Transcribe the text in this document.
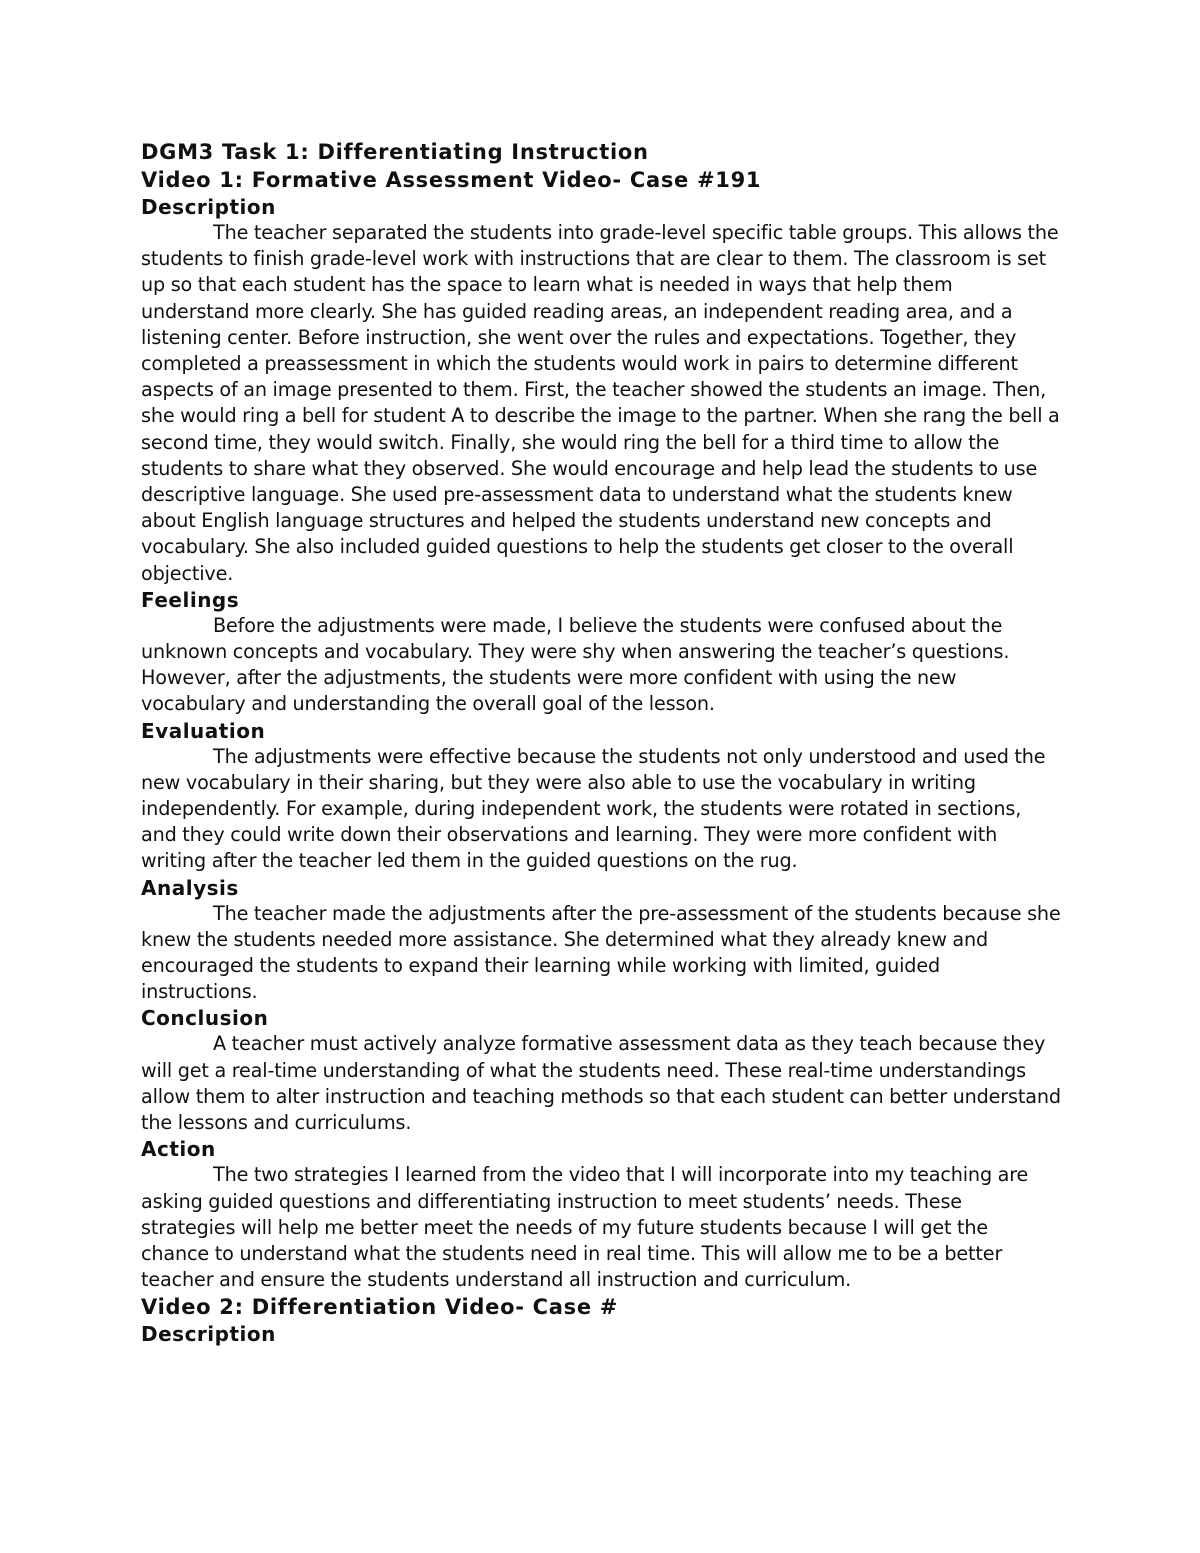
DGM3 Task 1: Differentiating Instruction
Video 1: Formative Assessment Video- Case #191
Description

The teacher separated the students into grade-level specific table groups. This allows the students to finish grade-level work with instructions that are clear to them. The classroom is set up so that each student has the space to learn what is needed in ways that help them understand more clearly. She has guided reading areas, an independent reading area, and a listening center. Before instruction, she went over the rules and expectations. Together, they completed a preassessment in which the students would work in pairs to determine different aspects of an image presented to them. First, the teacher showed the students an image. Then, she would ring a bell for student A to describe the image to the partner. When she rang the bell a second time, they would switch. Finally, she would ring the bell for a third time to allow the students to share what they observed. She would encourage and help lead the students to use descriptive language. She used pre-assessment data to understand what the students knew about English language structures and helped the students understand new concepts and vocabulary. She also included guided questions to help the students get closer to the overall objective.

Feelings

Before the adjustments were made, I believe the students were confused about the unknown concepts and vocabulary. They were shy when answering the teacher’s questions. However, after the adjustments, the students were more confident with using the new vocabulary and understanding the overall goal of the lesson.

Evaluation

The adjustments were effective because the students not only understood and used the new vocabulary in their sharing, but they were also able to use the vocabulary in writing independently. For example, during independent work, the students were rotated in sections, and they could write down their observations and learning. They were more confident with writing after the teacher led them in the guided questions on the rug.

Analysis

The teacher made the adjustments after the pre-assessment of the students because she knew the students needed more assistance. She determined what they already knew and encouraged the students to expand their learning while working with limited, guided instructions.

Conclusion

A teacher must actively analyze formative assessment data as they teach because they will get a real-time understanding of what the students need. These real-time understandings allow them to alter instruction and teaching methods so that each student can better understand the lessons and curriculums.

Action

The two strategies I learned from the video that I will incorporate into my teaching are asking guided questions and differentiating instruction to meet students’ needs. These strategies will help me better meet the needs of my future students because I will get the chance to understand what the students need in real time. This will allow me to be a better teacher and ensure the students understand all instruction and curriculum.

Video 2: Differentiation Video- Case #
Description
